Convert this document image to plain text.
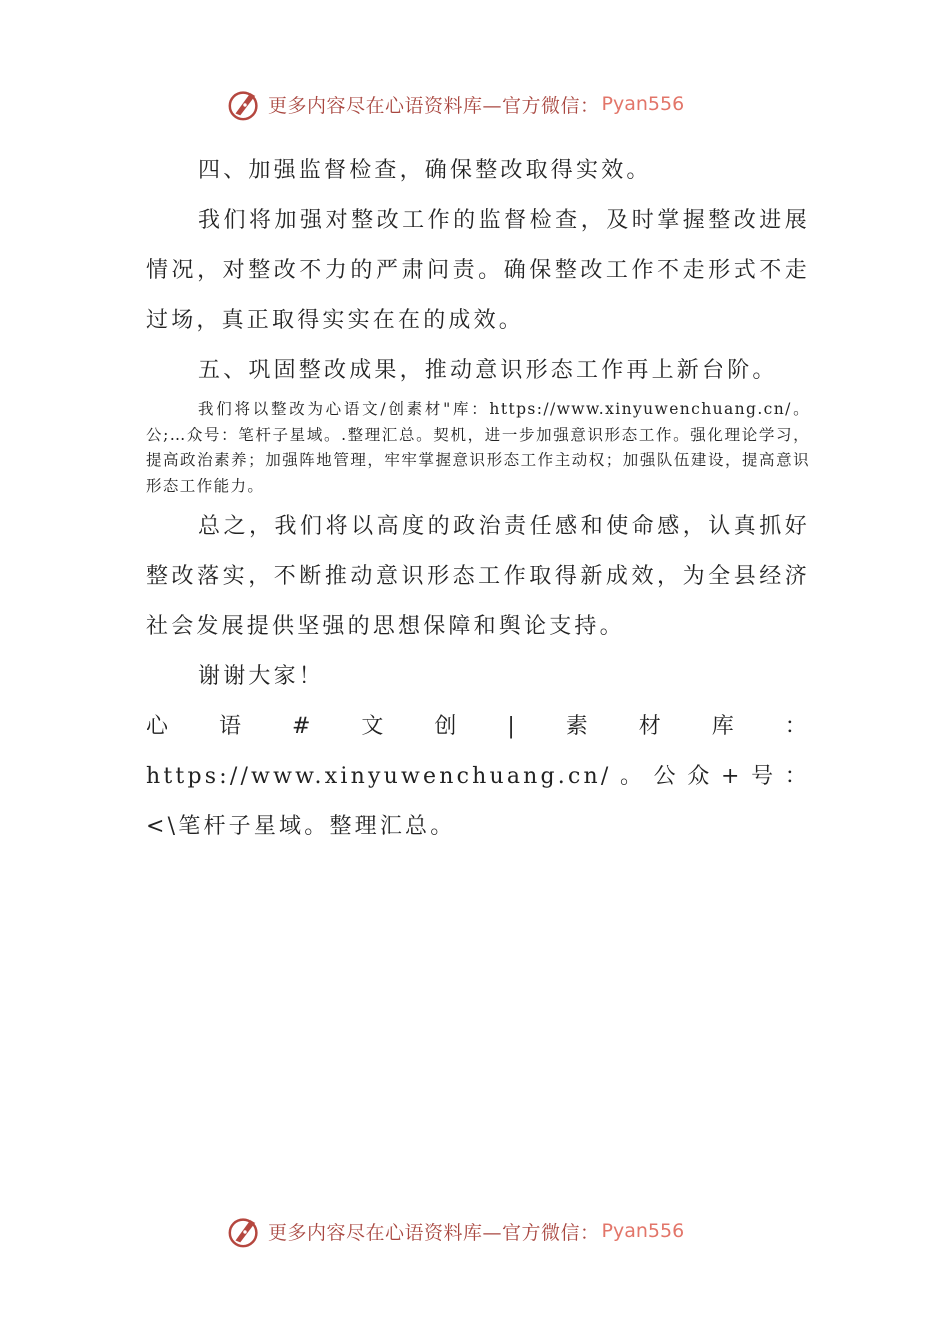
更多内容尽在心语资料库—官方微信： Pyan556

四、加强监督检查，确保整改取得实效。

我们将加强对整改工作的监督检查，及时掌握整改进展情况，对整改不力的严肃问责。确保整改工作不走形式不走过场，真正取得实实在在的成效。

五、巩固整改成果，推动意识形态工作再上新台阶。

我们将以整改为心语文/创素材"库：https://www.xinyuwenchuang.cn/。公;…众号：笔杆子星域。.整理汇总。契机，进一步加强意识形态工作。强化理论学习，提高政治素养；加强阵地管理，牢牢掌握意识形态工作主动权；加强队伍建设，提高意识形态工作能力。

总之，我们将以高度的政治责任感和使命感，认真抓好整改落实，不断推动意识形态工作取得新成效，为全县经济社会发展提供坚强的思想保障和舆论支持。

谢谢大家！

心语#文创|素材库：https://www.xinyuwenchuang.cn/。公众+号：<\笔杆子星域。整理汇总。

更多内容尽在心语资料库—官方微信： Pyan556
